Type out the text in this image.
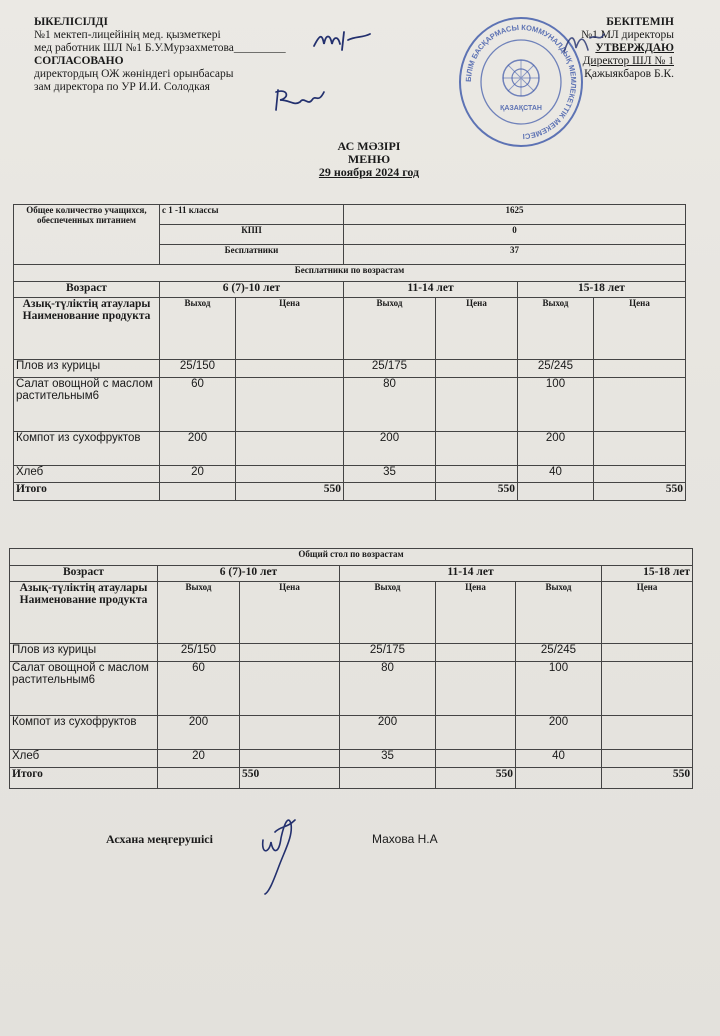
ЫКЕЛІСІЛДІ
№1 мектеп-лицейінің мед. қызметкері
мед работник ШЛ №1 Б.У.Мурзахметова_________
СОГЛАСОВАНО
директордың ОЖ жөніндегі орынбасары
зам директора по УР И.И. Солодкая
БЕКІТЕМІН
№1 МЛ директоры
УТВЕРЖДАЮ
Директор ШЛ № 1
Қажыякбаров Б.К.
БІЛІМ БАСҚАРМАСЫ КОММУНАЛДЫҚ МЕМЛЕКЕТТІК МЕКЕМЕСІ
ҚАЗАҚСТАН
АС МӘЗІРІ
МЕНЮ
29 ноября 2024 год
Общее количество учащихся, обеспеченных питанием	с 1 -11 классы		1625			
	КПП		0			
	Бесплатники		37			
Бесплатники по возрастам						
Возраст	6 (7)-10 лет		11-14 лет		15-18 лет	
Азық-түліктің атаулары Наименование продукта	Выход	Цена	Выход	Цена	Выход	Цена
Плов из курицы	25/150		25/175		25/245	
Салат овощной с маслом растительным6	60		80		100	
Компот из сухофруктов	200		200		200	
Хлеб	20		35		40	
Итого		550		550		550
Общий стол по возрастам						
Возраст	6 (7)-10 лет		11-14 лет			15-18 лет
Азық-түліктің атаулары Наименование продукта	Выход	Цена	Выход	Цена	Выход	Цена
Плов из курицы	25/150		25/175		25/245	
Салат овощной с маслом растительным6	60		80		100	
Компот из сухофруктов	200		200		200	
Хлеб	20		35		40	
Итого		550		550		550
Асхана меңгерушісі	Махова Н.А
